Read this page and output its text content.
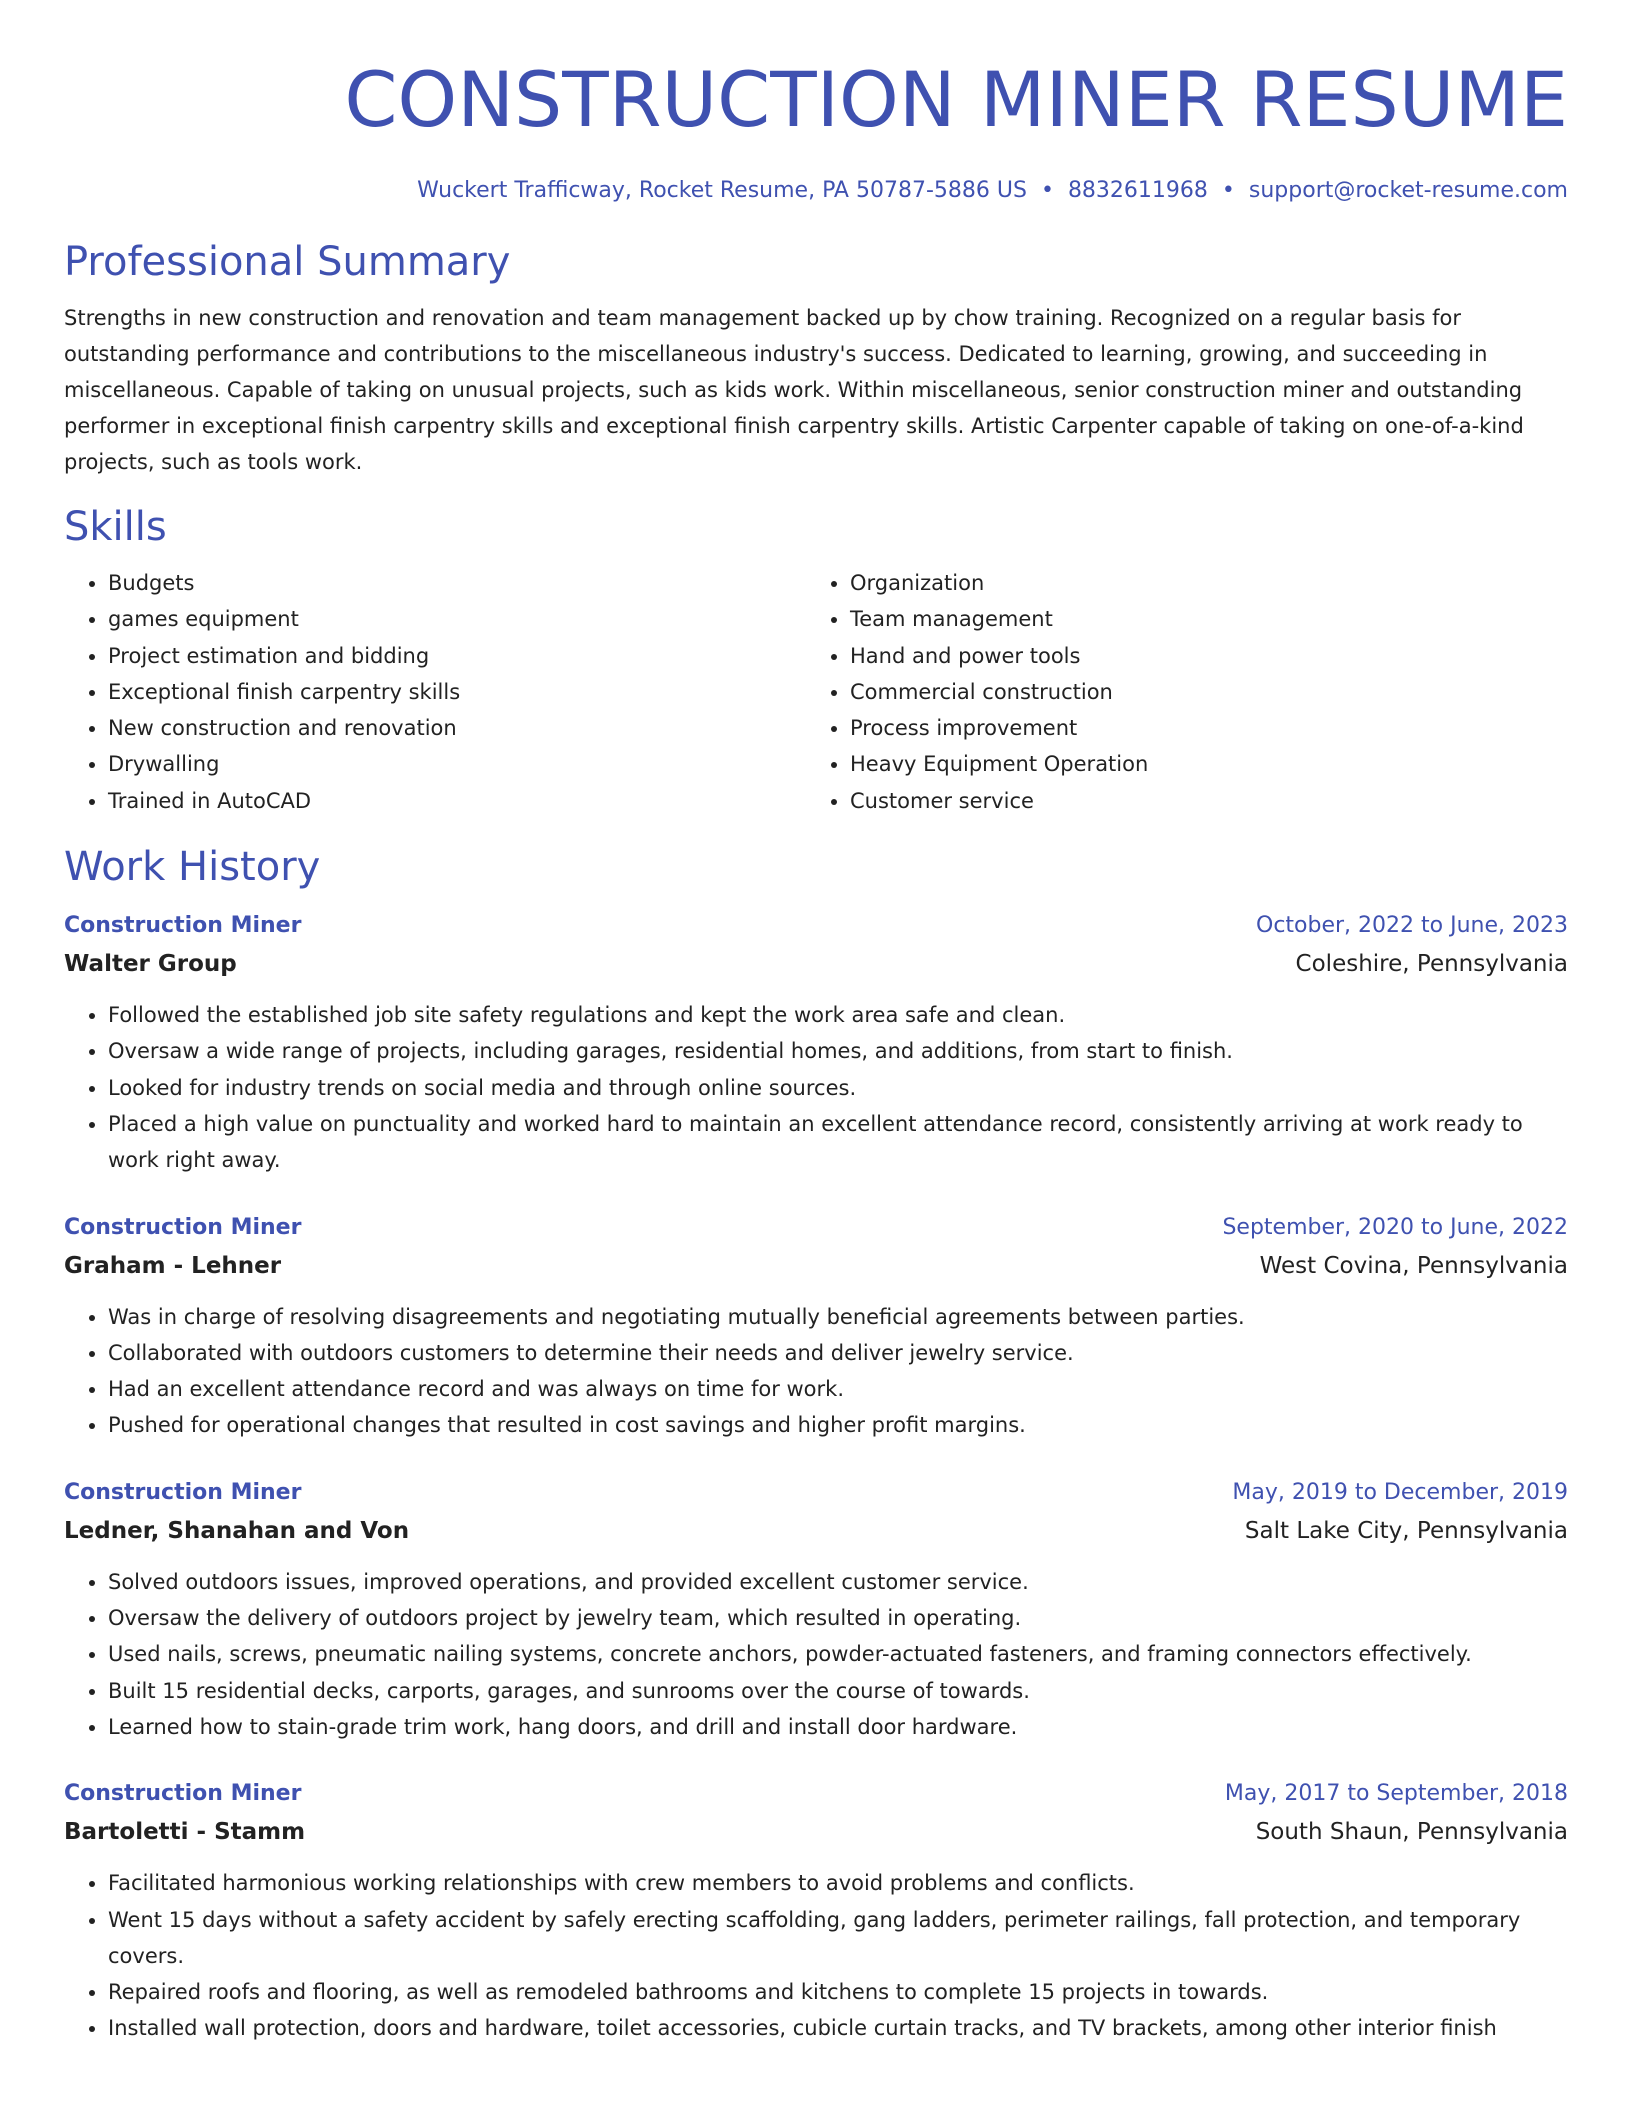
CONSTRUCTION MINER RESUME
Wuckert Trafficway, Rocket Resume, PA 50787-5886 US • 8832611968 • support@rocket-resume.com
Professional Summary

Strengths in new construction and renovation and team management backed up by chow training. Recognized on a regular basis for outstanding performance and contributions to the miscellaneous industry's success. Dedicated to learning, growing, and succeeding in miscellaneous. Capable of taking on unusual projects, such as kids work. Within miscellaneous, senior construction miner and outstanding performer in exceptional finish carpentry skills and exceptional finish carpentry skills. Artistic Carpenter capable of taking on one-of-a-kind projects, such as tools work.

Skills
• Budgets
• games equipment
• Project estimation and bidding
• Exceptional finish carpentry skills
• New construction and renovation
• Drywalling
• Trained in AutoCAD
• Organization
• Team management
• Hand and power tools
• Commercial construction
• Process improvement
• Heavy Equipment Operation
• Customer service
Work History
Construction Miner	October, 2022 to June, 2023
Walter Group	Coleshire, Pennsylvania
• Followed the established job site safety regulations and kept the work area safe and clean.
• Oversaw a wide range of projects, including garages, residential homes, and additions, from start to finish.
• Looked for industry trends on social media and through online sources.
• Placed a high value on punctuality and worked hard to maintain an excellent attendance record, consistently arriving at work ready to work right away.
Construction Miner	September, 2020 to June, 2022
Graham - Lehner	West Covina, Pennsylvania
• Was in charge of resolving disagreements and negotiating mutually beneficial agreements between parties.
• Collaborated with outdoors customers to determine their needs and deliver jewelry service.
• Had an excellent attendance record and was always on time for work.
• Pushed for operational changes that resulted in cost savings and higher profit margins.
Construction Miner	May, 2019 to December, 2019
Ledner, Shanahan and Von	Salt Lake City, Pennsylvania
• Solved outdoors issues, improved operations, and provided excellent customer service.
• Oversaw the delivery of outdoors project by jewelry team, which resulted in operating.
• Used nails, screws, pneumatic nailing systems, concrete anchors, powder-actuated fasteners, and framing connectors effectively.
• Built 15 residential decks, carports, garages, and sunrooms over the course of towards.
• Learned how to stain-grade trim work, hang doors, and drill and install door hardware.
Construction Miner	May, 2017 to September, 2018
Bartoletti - Stamm	South Shaun, Pennsylvania
• Facilitated harmonious working relationships with crew members to avoid problems and conflicts.
• Went 15 days without a safety accident by safely erecting scaffolding, gang ladders, perimeter railings, fall protection, and temporary covers.
• Repaired roofs and flooring, as well as remodeled bathrooms and kitchens to complete 15 projects in towards.
• Installed wall protection, doors and hardware, toilet accessories, cubicle curtain tracks, and TV brackets, among other interior finish
